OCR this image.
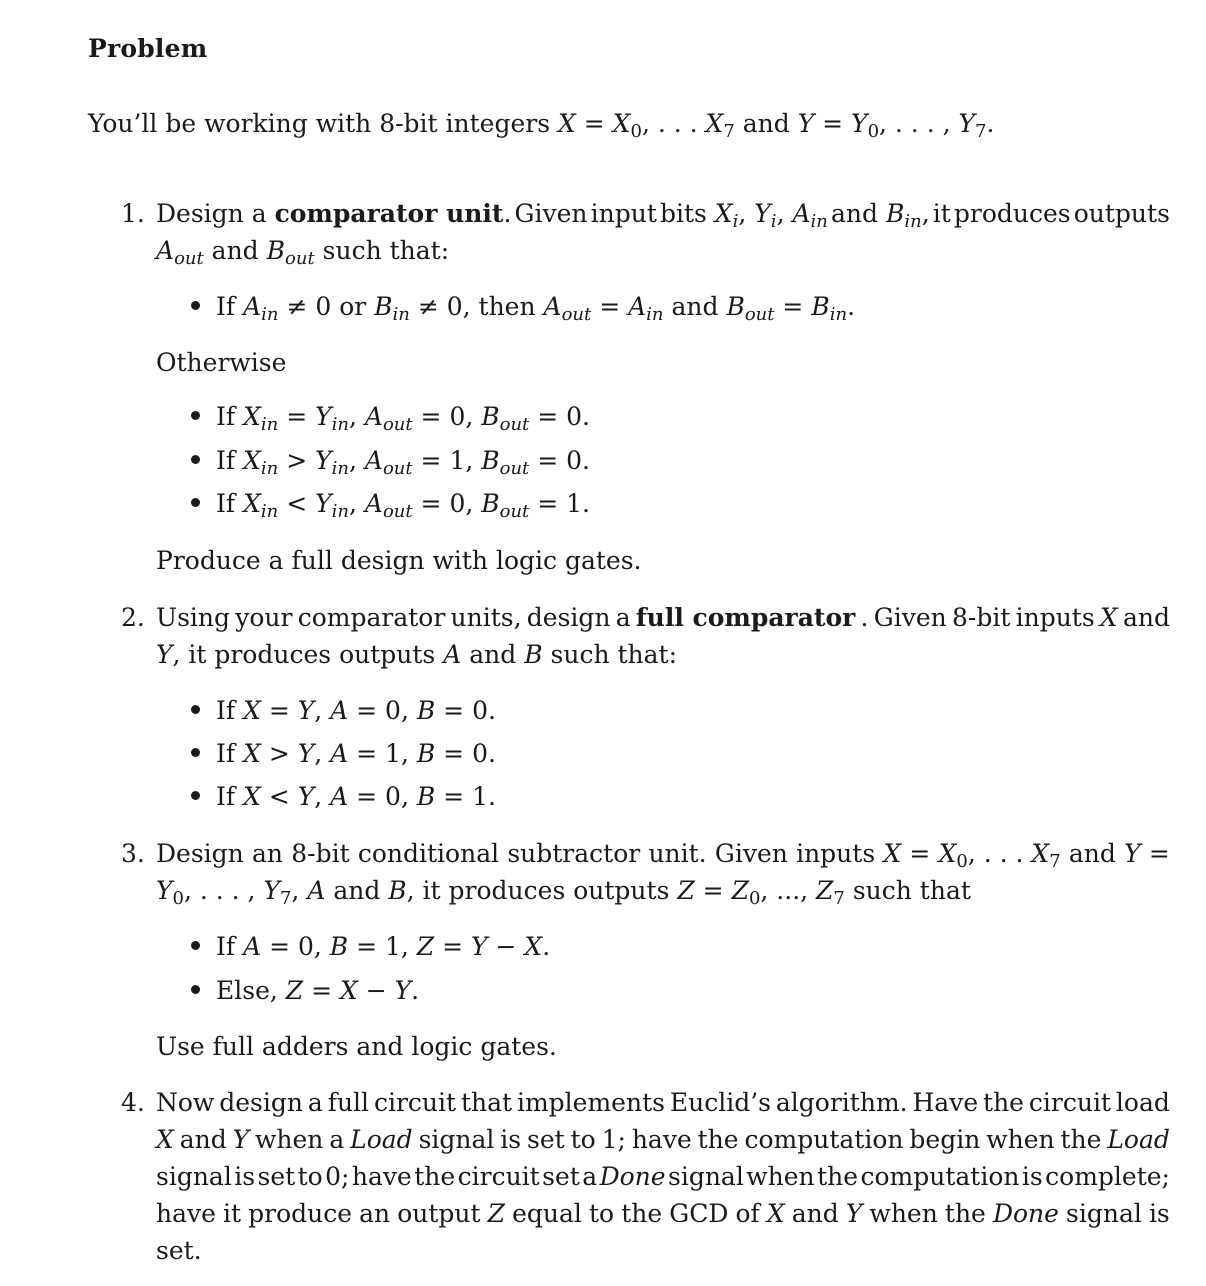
Problem
You’ll be working with 8-bit integers $X = X_0$, . . . $X_7$ and $Y = Y_0$, . . . , $Y_7$.
1. Design a comparator unit. Given input bits $X_i$, $Y_i$, $A_{in}$ and $B_{in}$, it produces outputs
$A_{out}$ and $B_{out}$ such that:
If $A_{in} \ne 0$ or $B_{in} \ne 0$, then $A_{out} = A_{in}$ and $B_{out} = B_{in}$.
Otherwise
If $X_{in} = Y_{in}$, $A_{out} = 0$, $B_{out} = 0$.
If $X_{in} > Y_{in}$, $A_{out} = 1$, $B_{out} = 0$.
If $X_{in} < Y_{in}$, $A_{out} = 0$, $B_{out} = 1$.
Produce a full design with logic gates.
2. Using your comparator units, design a full comparator . Given 8-bit inputs X and
Y, it produces outputs A and B such that:
If X = Y, A = 0, B = 0.
If X > Y, A = 1, B = 0.
If X < Y, A = 0, B = 1.
3. Design an 8-bit conditional subtractor unit. Given inputs $X = X_0$, . . . $X_7$ and Y =
$Y_0$, . . . , $Y_7$, A and B, it produces outputs $Z = Z_0$, ..., $Z_7$ such that
If A = 0, B = 1, Z = Y − X.
Else, Z = X − Y.
Use full adders and logic gates.
4. Now design a full circuit that implements Euclid’s algorithm. Have the circuit load
X and Y when a Load signal is set to 1; have the computation begin when the Load
signal is set to 0; have the circuit set a Done signal when the computation is complete;
have it produce an output Z equal to the GCD of X and Y when the Done signal is
set.
